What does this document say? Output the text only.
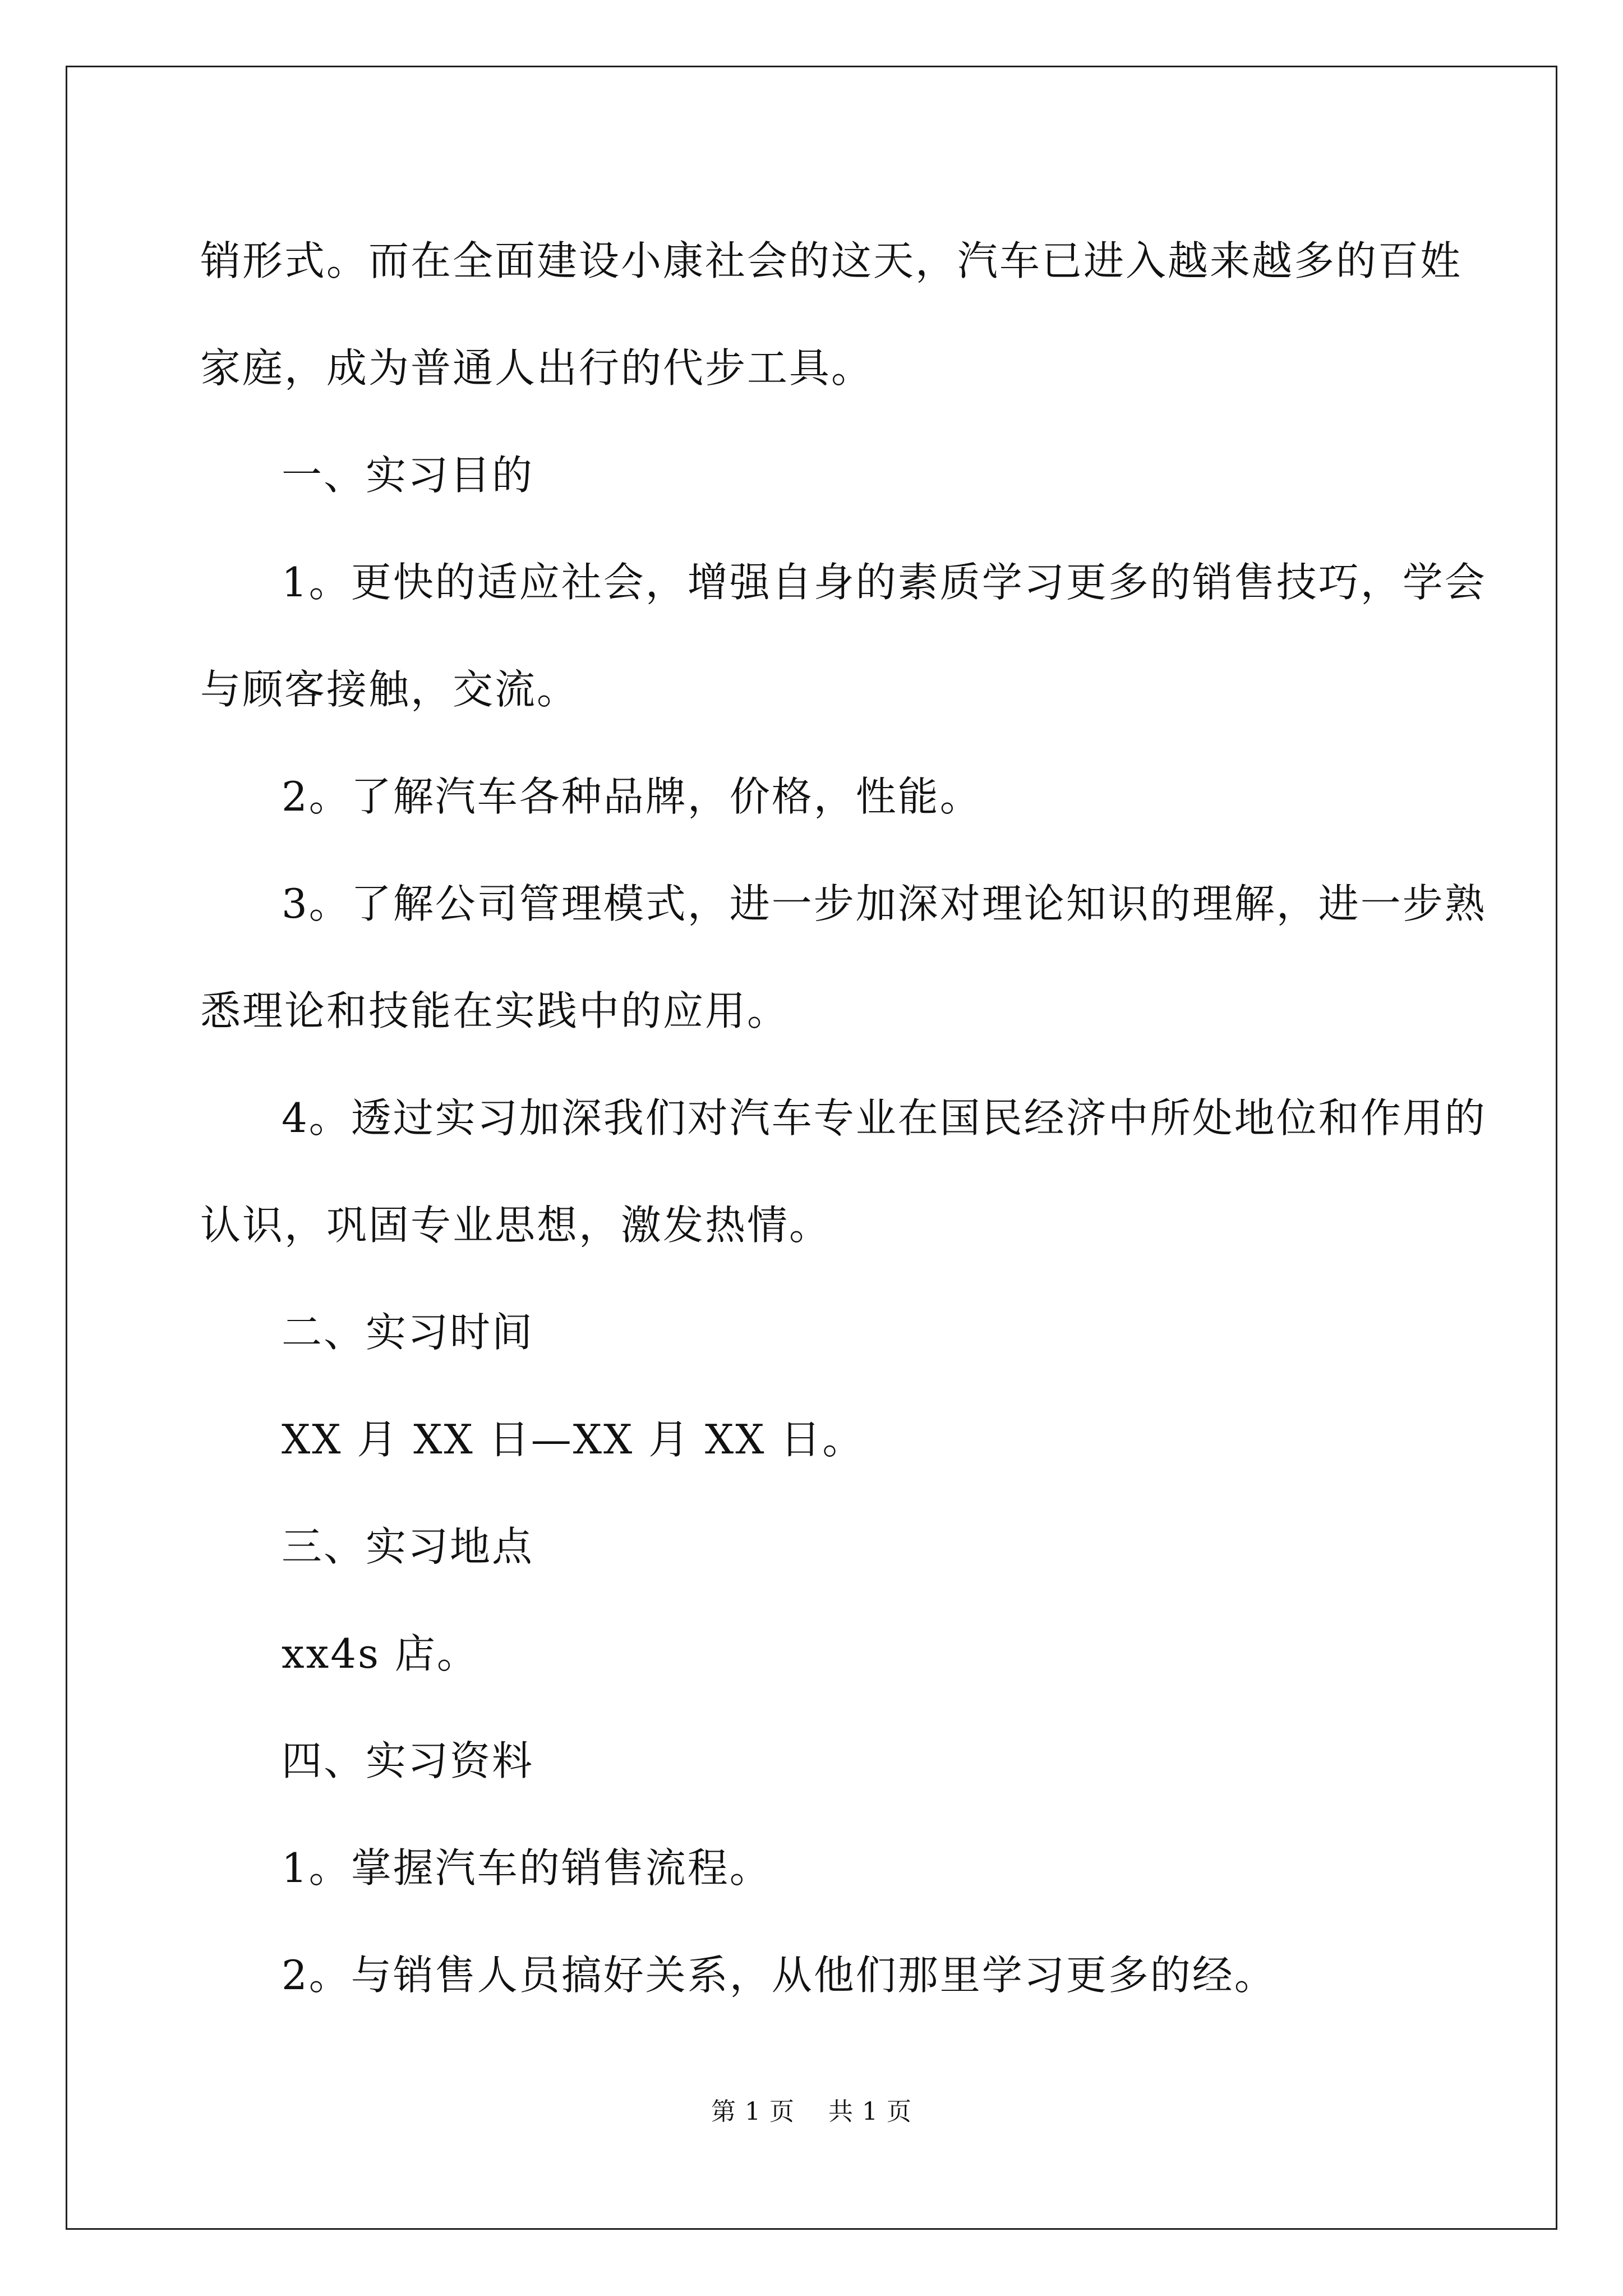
销形式。而在全面建设小康社会的这天，汽车已进入越来越多的百姓

家庭，成为普通人出行的代步工具。

一、实习目的

1。更快的适应社会，增强自身的素质学习更多的销售技巧，学会

与顾客接触，交流。

2。了解汽车各种品牌，价格，性能。

3。了解公司管理模式，进一步加深对理论知识的理解，进一步熟

悉理论和技能在实践中的应用。

4。透过实习加深我们对汽车专业在国民经济中所处地位和作用的

认识，巩固专业思想，激发热情。

二、实习时间

XX 月 XX 日—XX 月 XX 日。

三、实习地点

xx4s 店。

四、实习资料

1。掌握汽车的销售流程。

2。与销售人员搞好关系，从他们那里学习更多的经。

第 1 页 共 1 页
